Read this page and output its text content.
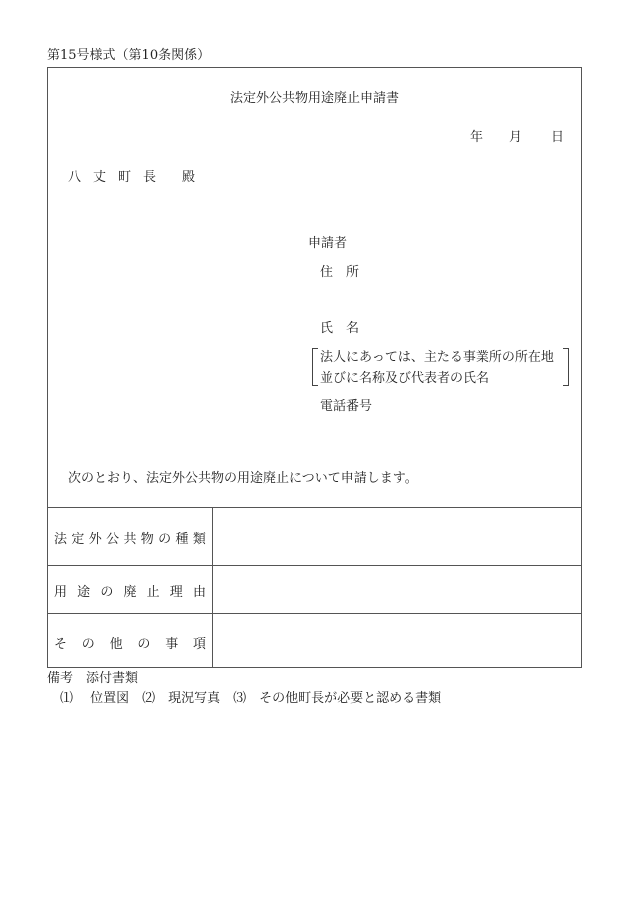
第15号様式（第10条関係）
法定外公共物用途廃止申請書
年 月 日
八 丈 町 長 殿
申請者
住　所
氏　名
法人にあっては、主たる事業所の所在地
並びに名称及び代表者の氏名
電話番号
次のとおり、法定外公共物の用途廃止について申請します。
法 定 外 公 共 物 の 種 類
用 途 の 廃 止 理 由
そ の 他 の 事 項
備考　添付書類
⑴　 位置図　⑵　現況写真　⑶　その他町長が必要と認める書類
